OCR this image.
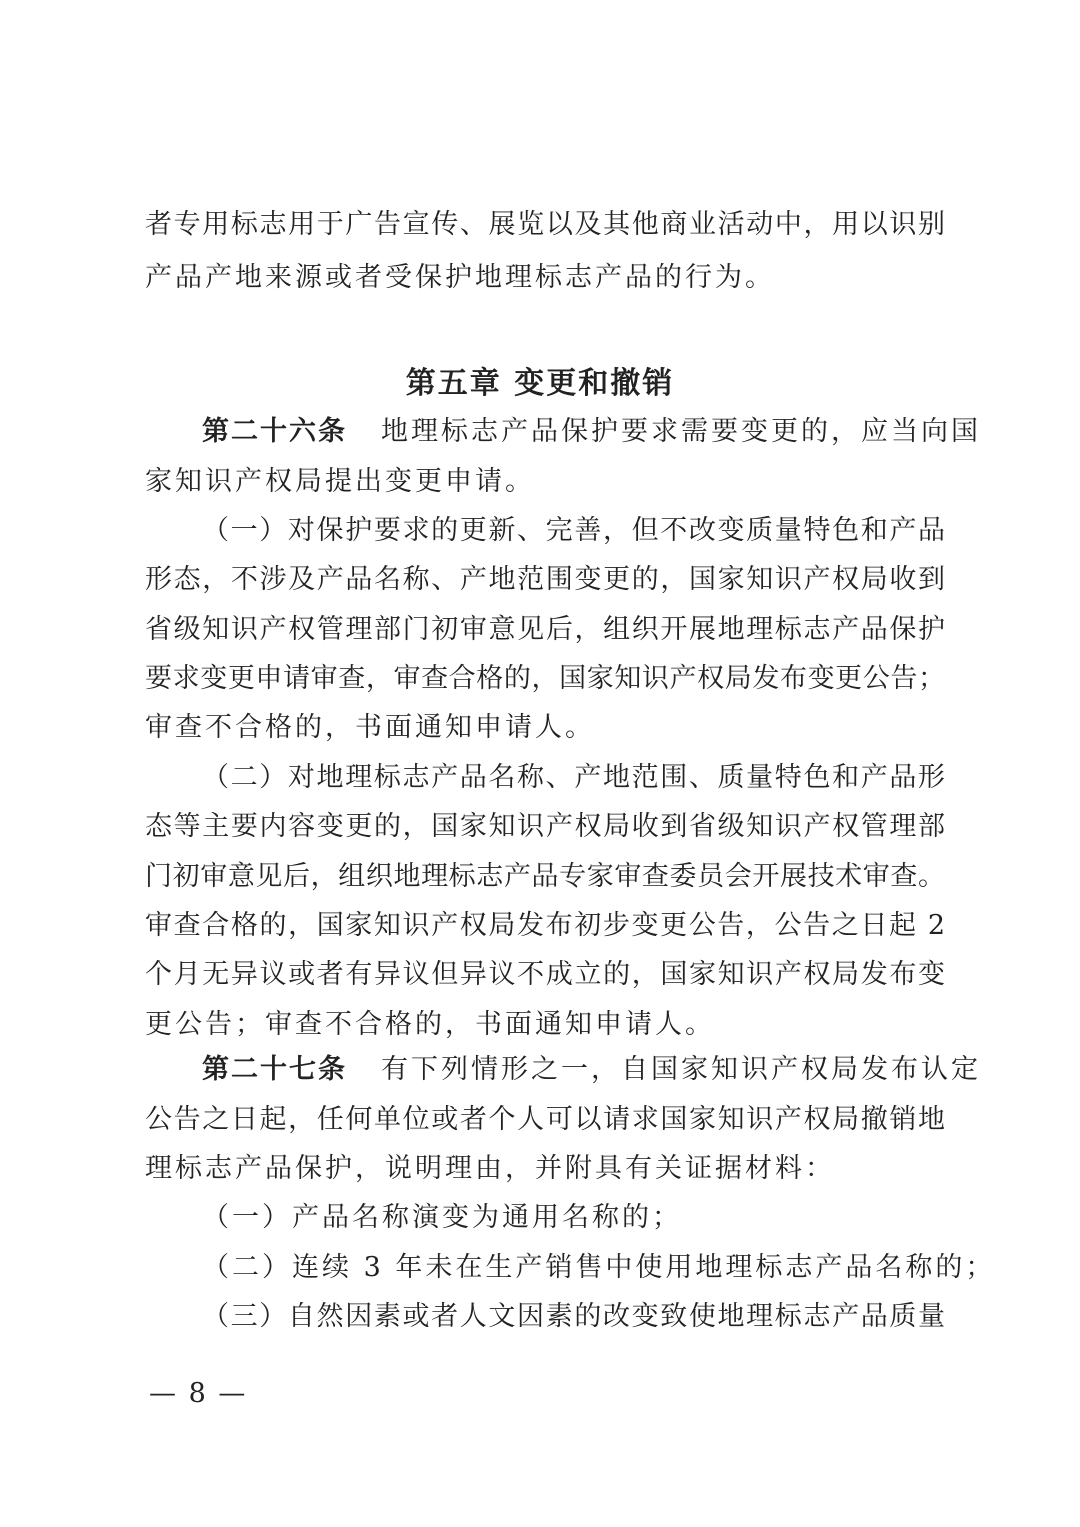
者专用标志用于广告宣传、展览以及其他商业活动中，用以识别
产品产地来源或者受保护地理标志产品的行为。
第五章 变更和撤销
第二十六条 地理标志产品保护要求需要变更的，应当向国
家知识产权局提出变更申请。
（一）对保护要求的更新、完善，但不改变质量特色和产品
形态，不涉及产品名称、产地范围变更的，国家知识产权局收到
省级知识产权管理部门初审意见后，组织开展地理标志产品保护
要求变更申请审查，审查合格的，国家知识产权局发布变更公告；
审查不合格的，书面通知申请人。
（二）对地理标志产品名称、产地范围、质量特色和产品形
态等主要内容变更的，国家知识产权局收到省级知识产权管理部
门初审意见后，组织地理标志产品专家审查委员会开展技术审查。
审查合格的，国家知识产权局发布初步变更公告，公告之日起 2
个月无异议或者有异议但异议不成立的，国家知识产权局发布变
更公告；审查不合格的，书面通知申请人。
第二十七条 有下列情形之一，自国家知识产权局发布认定
公告之日起，任何单位或者个人可以请求国家知识产权局撤销地
理标志产品保护，说明理由，并附具有关证据材料：
（一）产品名称演变为通用名称的；
（二）连续 3 年未在生产销售中使用地理标志产品名称的；
（三）自然因素或者人文因素的改变致使地理标志产品质量
— 8 —
